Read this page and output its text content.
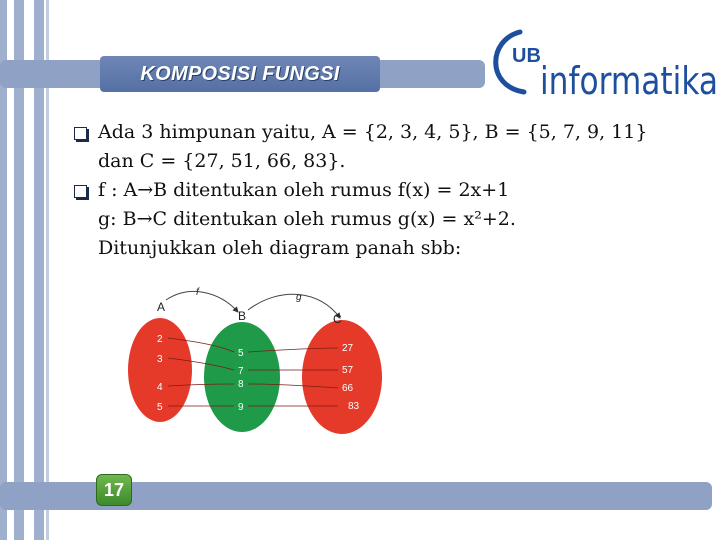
KOMPOSISI FUNGSI
UB
informatika
Ada 3 himpunan yaitu, A = {2, 3, 4, 5}, B = {5, 7, 9, 11}
dan C = {27, 51, 66, 83}.
f : A→B ditentukan oleh rumus f(x) = 2x+1
g: B→C ditentukan oleh rumus g(x) = x²+2.
Ditunjukkan oleh diagram panah sbb:
f	g
A
B	C
2
3
4
5
5
7
8
9
27
57
66
83
17
